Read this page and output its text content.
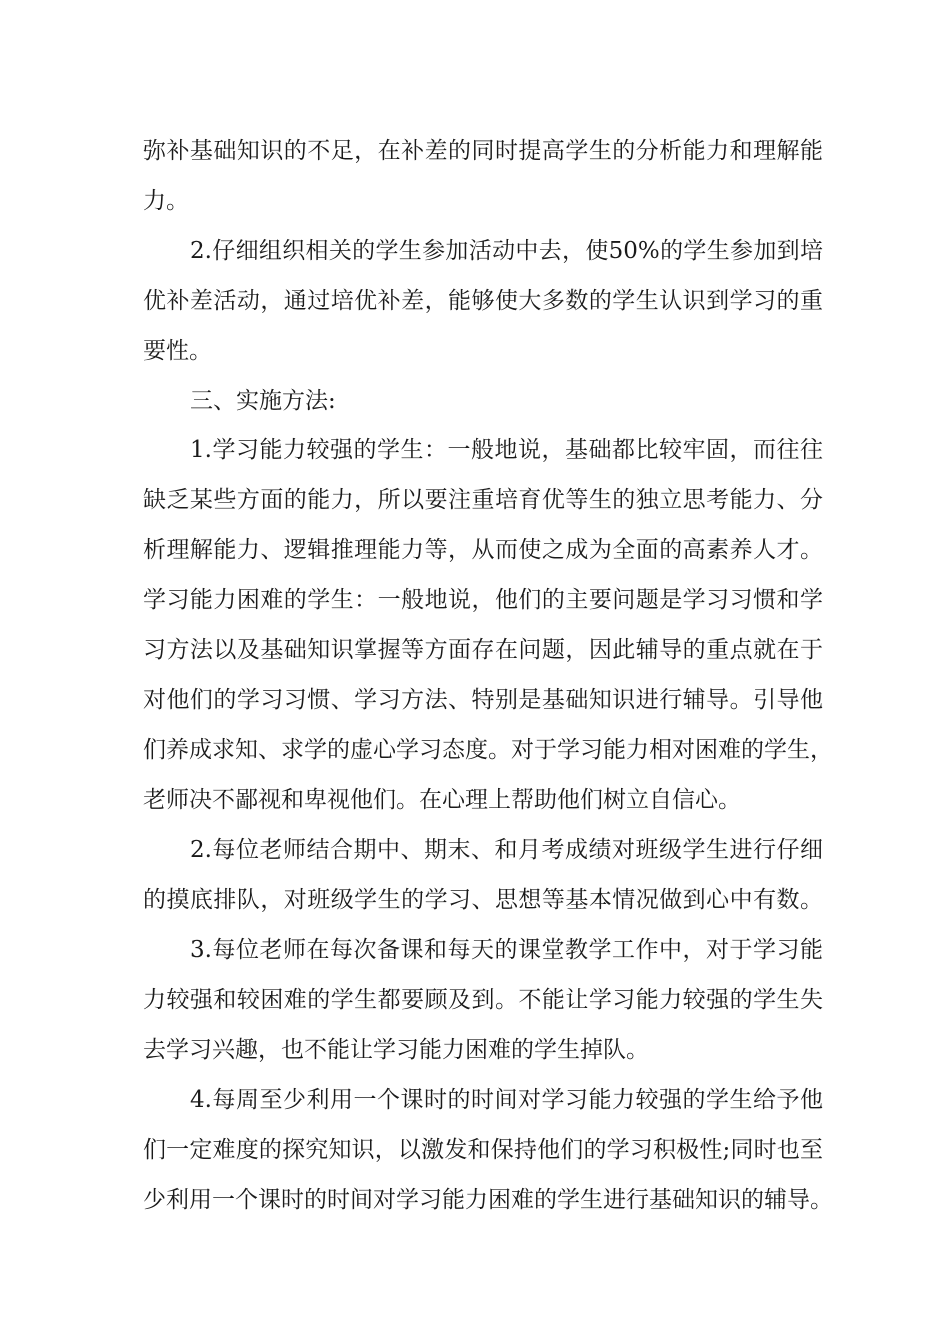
弥补基础知识的不足，在补差的同时提高学生的分析能力和理解能
力。
2.仔细组织相关的学生参加活动中去，使50%的学生参加到培
优补差活动，通过培优补差，能够使大多数的学生认识到学习的重
要性。
三、实施方法:
1.学习能力较强的学生：一般地说，基础都比较牢固，而往往
缺乏某些方面的能力，所以要注重培育优等生的独立思考能力、分
析理解能力、逻辑推理能力等，从而使之成为全面的高素养人才。
学习能力困难的学生：一般地说，他们的主要问题是学习习惯和学
习方法以及基础知识掌握等方面存在问题，因此辅导的重点就在于
对他们的学习习惯、学习方法、特别是基础知识进行辅导。引导他
们养成求知、求学的虚心学习态度。对于学习能力相对困难的学生，
老师决不鄙视和卑视他们。在心理上帮助他们树立自信心。
2.每位老师结合期中、期末、和月考成绩对班级学生进行仔细
的摸底排队，对班级学生的学习、思想等基本情况做到心中有数。
3.每位老师在每次备课和每天的课堂教学工作中，对于学习能
力较强和较困难的学生都要顾及到。不能让学习能力较强的学生失
去学习兴趣，也不能让学习能力困难的学生掉队。
4.每周至少利用一个课时的时间对学习能力较强的学生给予他
们一定难度的探究知识，以激发和保持他们的学习积极性;同时也至
少利用一个课时的时间对学习能力困难的学生进行基础知识的辅导。
